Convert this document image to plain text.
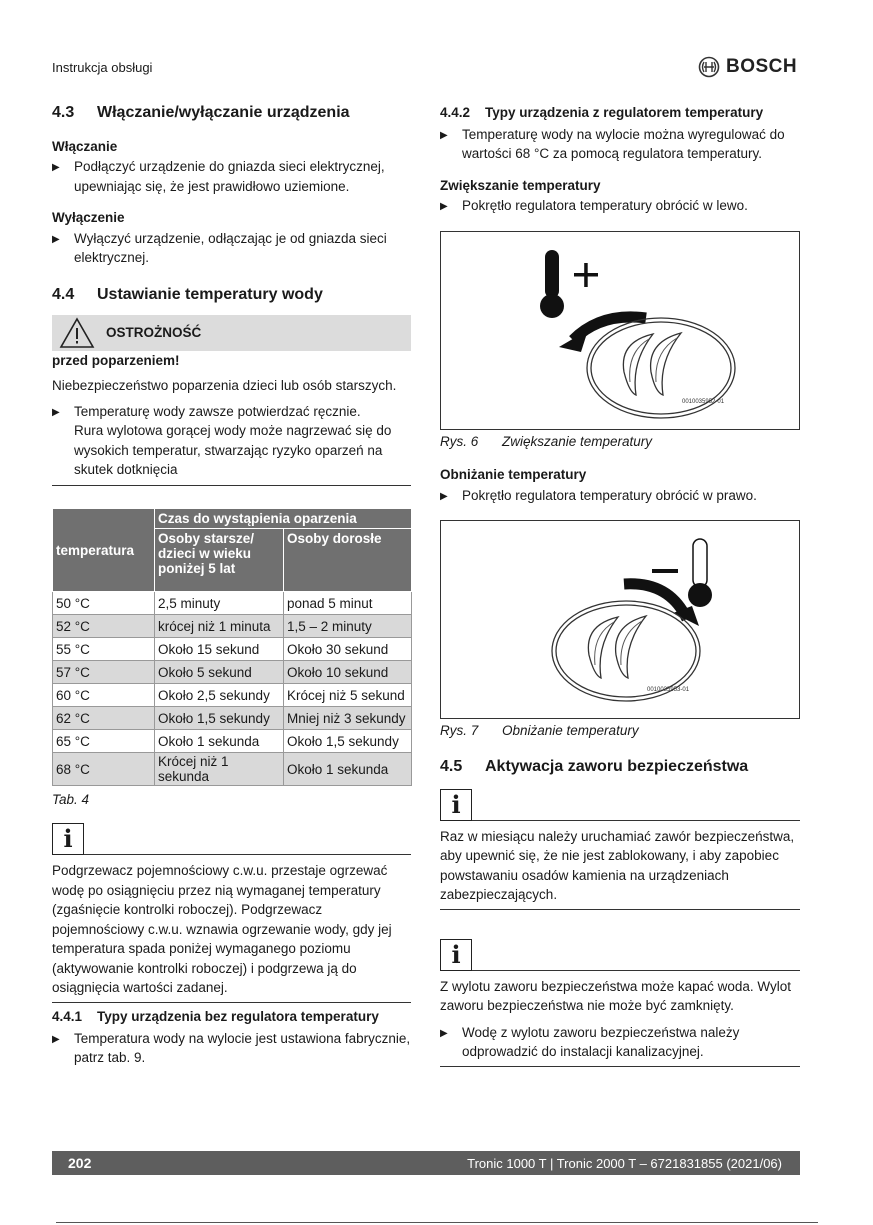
Instrukcja obsługi	BOSCH
4.3	Włączanie/wyłączanie urządzenia
Włączanie
▶	Podłączyć urządzenie do gniazda sieci elektrycznej, upewniając się, że jest prawidłowo uziemione.
Wyłączenie
▶	Wyłączyć urządzenie, odłączając je od gniazda sieci elektrycznej.
4.4	Ustawianie temperatury wody
OSTROŻNOŚĆ
przed poparzeniem!
Niebezpieczeństwo poparzenia dzieci lub osób starszych.
▶	Temperaturę wody zawsze potwierdzać ręcznie.
Rura wylotowa gorącej wody może nagrzewać się do wysokich temperatur, stwarzając ryzyko oparzeń na skutek dotknięcia
temperatura	Czas do wystąpienia oparzenia	
	Osoby starsze/ dzieci w wieku poniżej 5 lat	Osoby dorosłe
50 °C	2,5 minuty	ponad 5 minut
52 °C	krócej niż 1 minuta	1,5 – 2 minuty
55 °C	Około 15 sekund	Około 30 sekund
57 °C	Około 5 sekund	Około 10 sekund
60 °C	Około 2,5 sekundy	Krócej niż 5 sekund
62 °C	Około 1,5 sekundy	Mniej niż 3 sekundy
65 °C	Około 1 sekunda	Około 1,5 sekundy
68 °C	Krócej niż 1 sekunda	Około 1 sekunda
Tab. 4
i
Podgrzewacz pojemnościowy c.w.u. przestaje ogrzewać wodę po osiągnięciu przez nią wymaganej temperatury (zgaśnięcie kontrolki roboczej). Podgrzewacz pojemnościowy c.w.u. wznawia ogrzewanie wody, gdy jej temperatura spada poniżej wymaganego poziomu (aktywowanie kontrolki roboczej) i podgrzewa ją do osiągnięcia wartości zadanej.
4.4.1	Typy urządzenia bez regulatora temperatury
▶	Temperatura wody na wylocie jest ustawiona fabrycznie, patrz tab. 9.
4.4.2	Typy urządzenia z regulatorem temperatury
▶	Temperaturę wody na wylocie można wyregulować do wartości 68 °C za pomocą regulatora temperatury.
Zwiększanie temperatury
▶	Pokrętło regulatora temperatury obrócić w lewo.
0010035952-01
Rys. 6	Zwiększanie temperatury
Obniżanie temperatury
▶	Pokrętło regulatora temperatury obrócić w prawo.
0010035953-01
Rys. 7	Obniżanie temperatury
4.5	Aktywacja zaworu bezpieczeństwa
i
Raz w miesiącu należy uruchamiać zawór bezpieczeństwa, aby upewnić się, że nie jest zablokowany, i aby zapobiec powstawaniu osadów kamienia na urządzeniach zabezpieczających.
i
Z wylotu zaworu bezpieczeństwa może kapać woda. Wylot zaworu bezpieczeństwa nie może być zamknięty.
▶	Wodę z wylotu zaworu bezpieczeństwa należy odprowadzić do instalacji kanalizacyjnej.
202	Tronic 1000 T | Tronic 2000 T – 6721831855 (2021/06)
